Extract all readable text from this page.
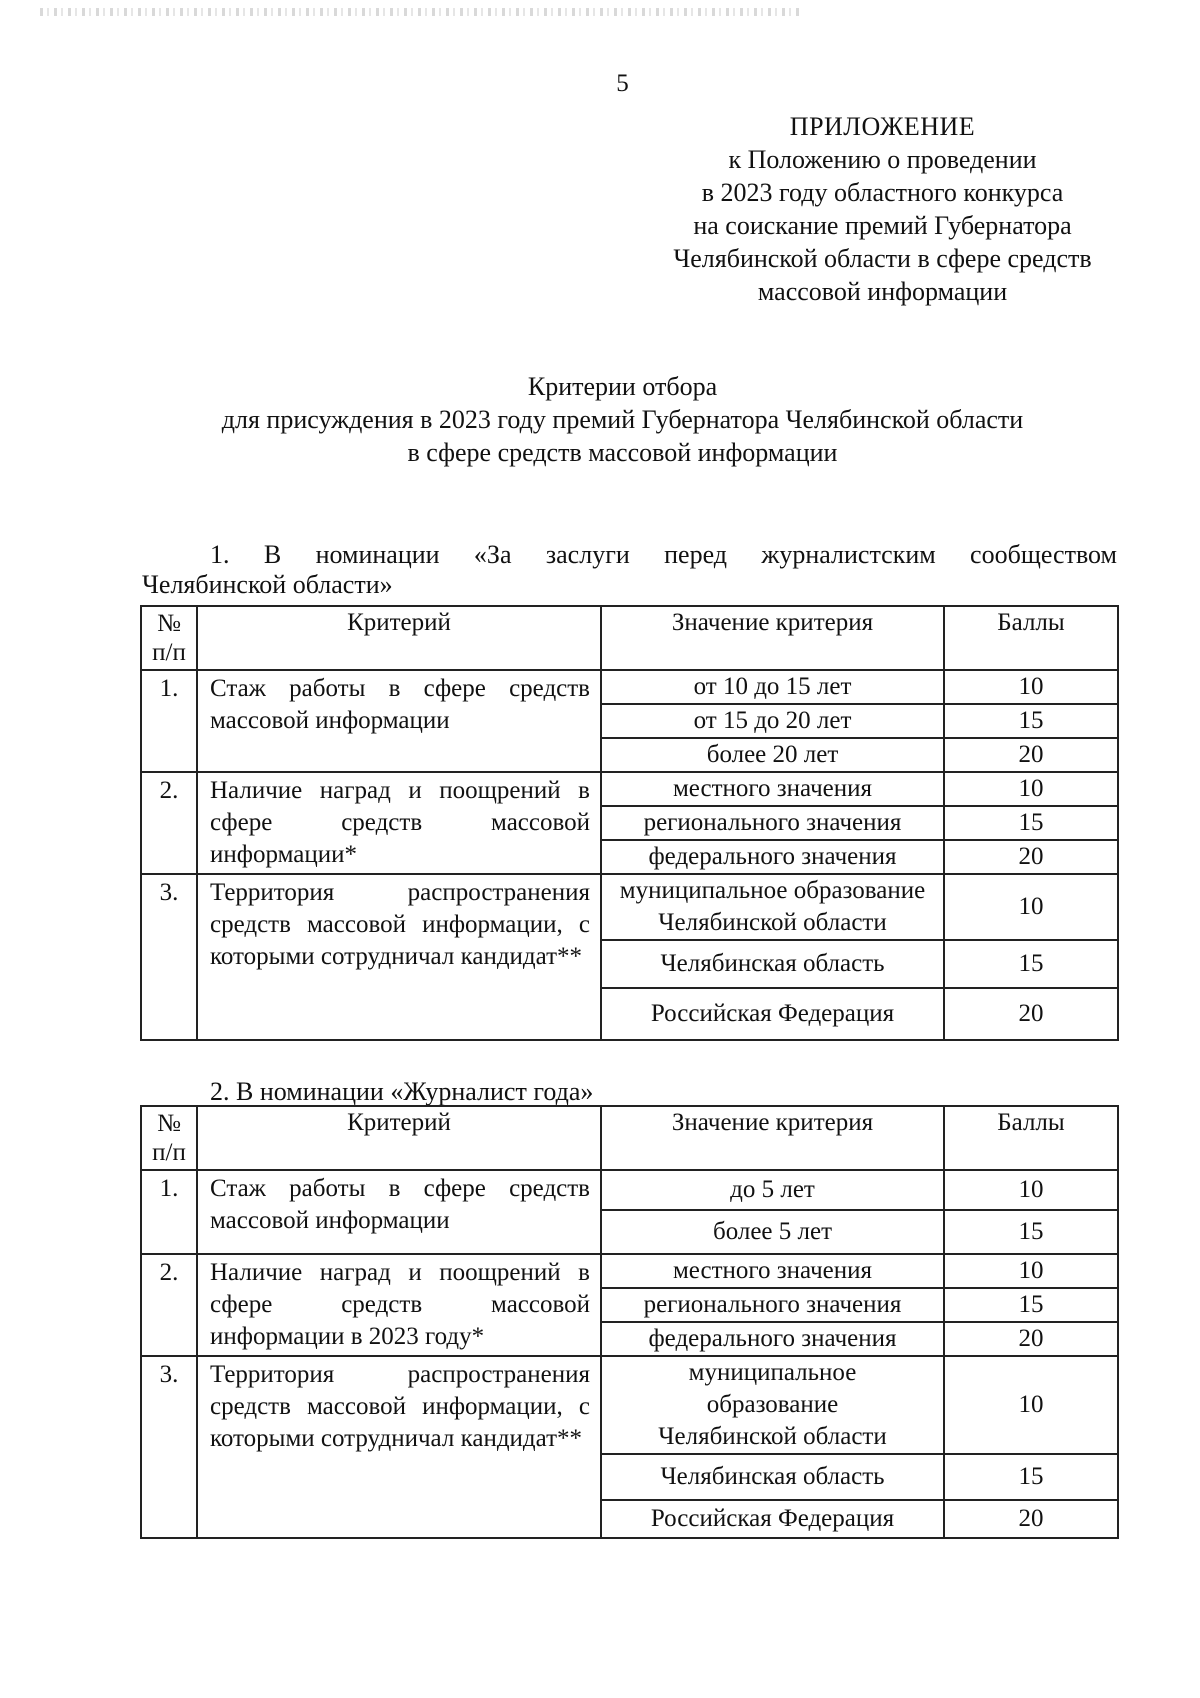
5
ПРИЛОЖЕНИЕ
к Положению о проведении
в 2023 году областного конкурса
на соискание премий Губернатора
Челябинской области в сфере средств
массовой информации
Критерии отбора
для присуждения в 2023 году премий Губернатора Челябинской области
в сфере средств массовой информации
1. В номинации «За заслуги перед журналистским сообществом
Челябинской области»
№ п/п	Критерий	Значение критерия	Баллы
1.	Стаж работы в сфере средств массовой информации	от 10 до 15 лет	10
		от 15 до 20 лет	15
		более 20 лет	20
2.	Наличие наград и поощрений в сфере средств массовой информации*	местного значения	10
		регионального значения	15
		федерального значения	20
3.	Территория распространения средств массовой информации, с которыми сотрудничал кандидат**	муниципальное образование Челябинской области	10
		Челябинская область	15
		Российская Федерация	20
2. В номинации «Журналист года»
№ п/п	Критерий	Значение критерия	Баллы
1.	Стаж работы в сфере средств массовой информации	до 5 лет	10
		более 5 лет	15
2.	Наличие наград и поощрений в сфере средств массовой информации в 2023 году*	местного значения	10
		регионального значения	15
		федерального значения	20
3.	Территория распространения средств массовой информации, с которыми сотрудничал кандидат**	муниципальное образование Челябинской области	10
		Челябинская область	15
		Российская Федерация	20
